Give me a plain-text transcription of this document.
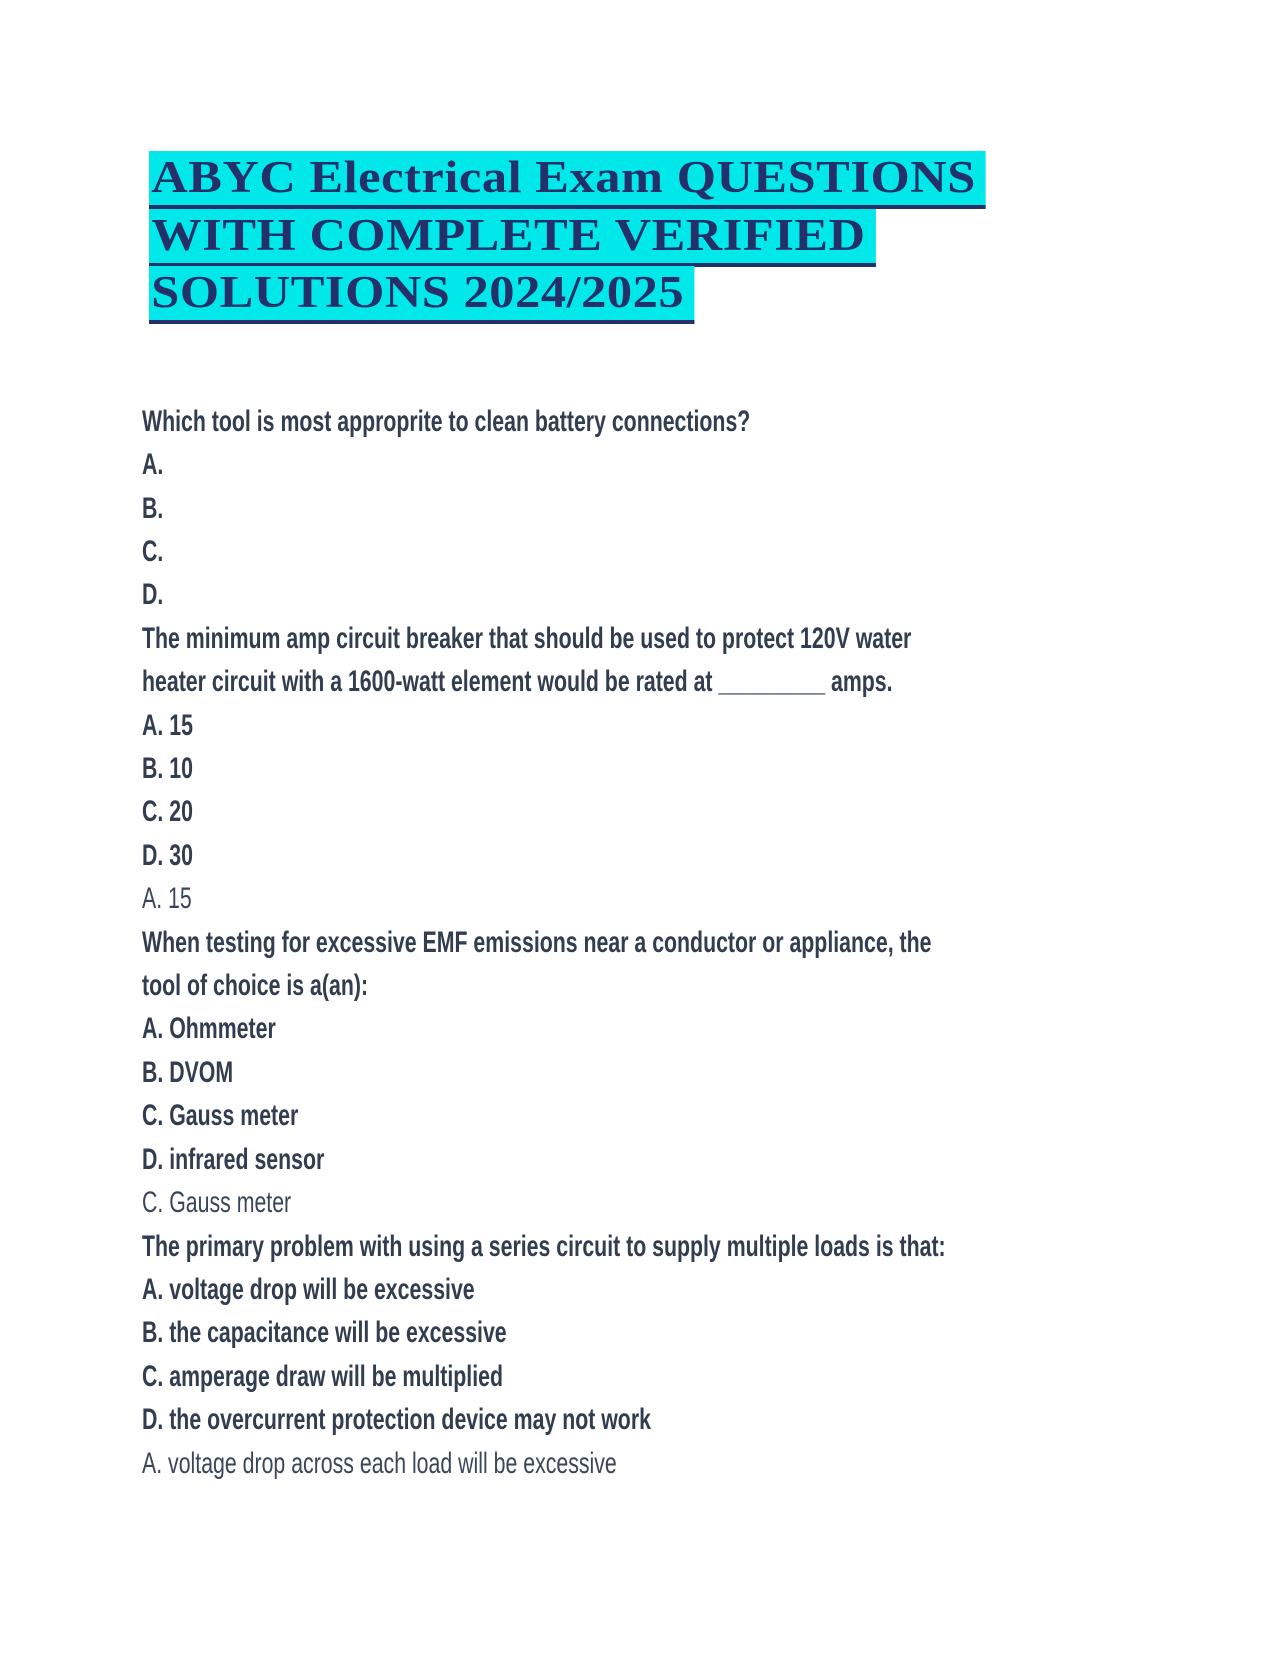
ABYC Electrical Exam QUESTIONS
WITH COMPLETE VERIFIED
SOLUTIONS 2024/2025
Which tool is most approprite to clean battery connections?
A.
B.
C.
D.
The minimum amp circuit breaker that should be used to protect 120V water
heater circuit with a 1600-watt element would be rated at _________ amps.
A. 15
B. 10
C. 20
D. 30
A. 15
When testing for excessive EMF emissions near a conductor or appliance, the
tool of choice is a(an):
A. Ohmmeter
B. DVOM
C. Gauss meter
D. infrared sensor
C. Gauss meter
The primary problem with using a series circuit to supply multiple loads is that:
A. voltage drop will be excessive
B. the capacitance will be excessive
C. amperage draw will be multiplied
D. the overcurrent protection device may not work
A. voltage drop across each load will be excessive
